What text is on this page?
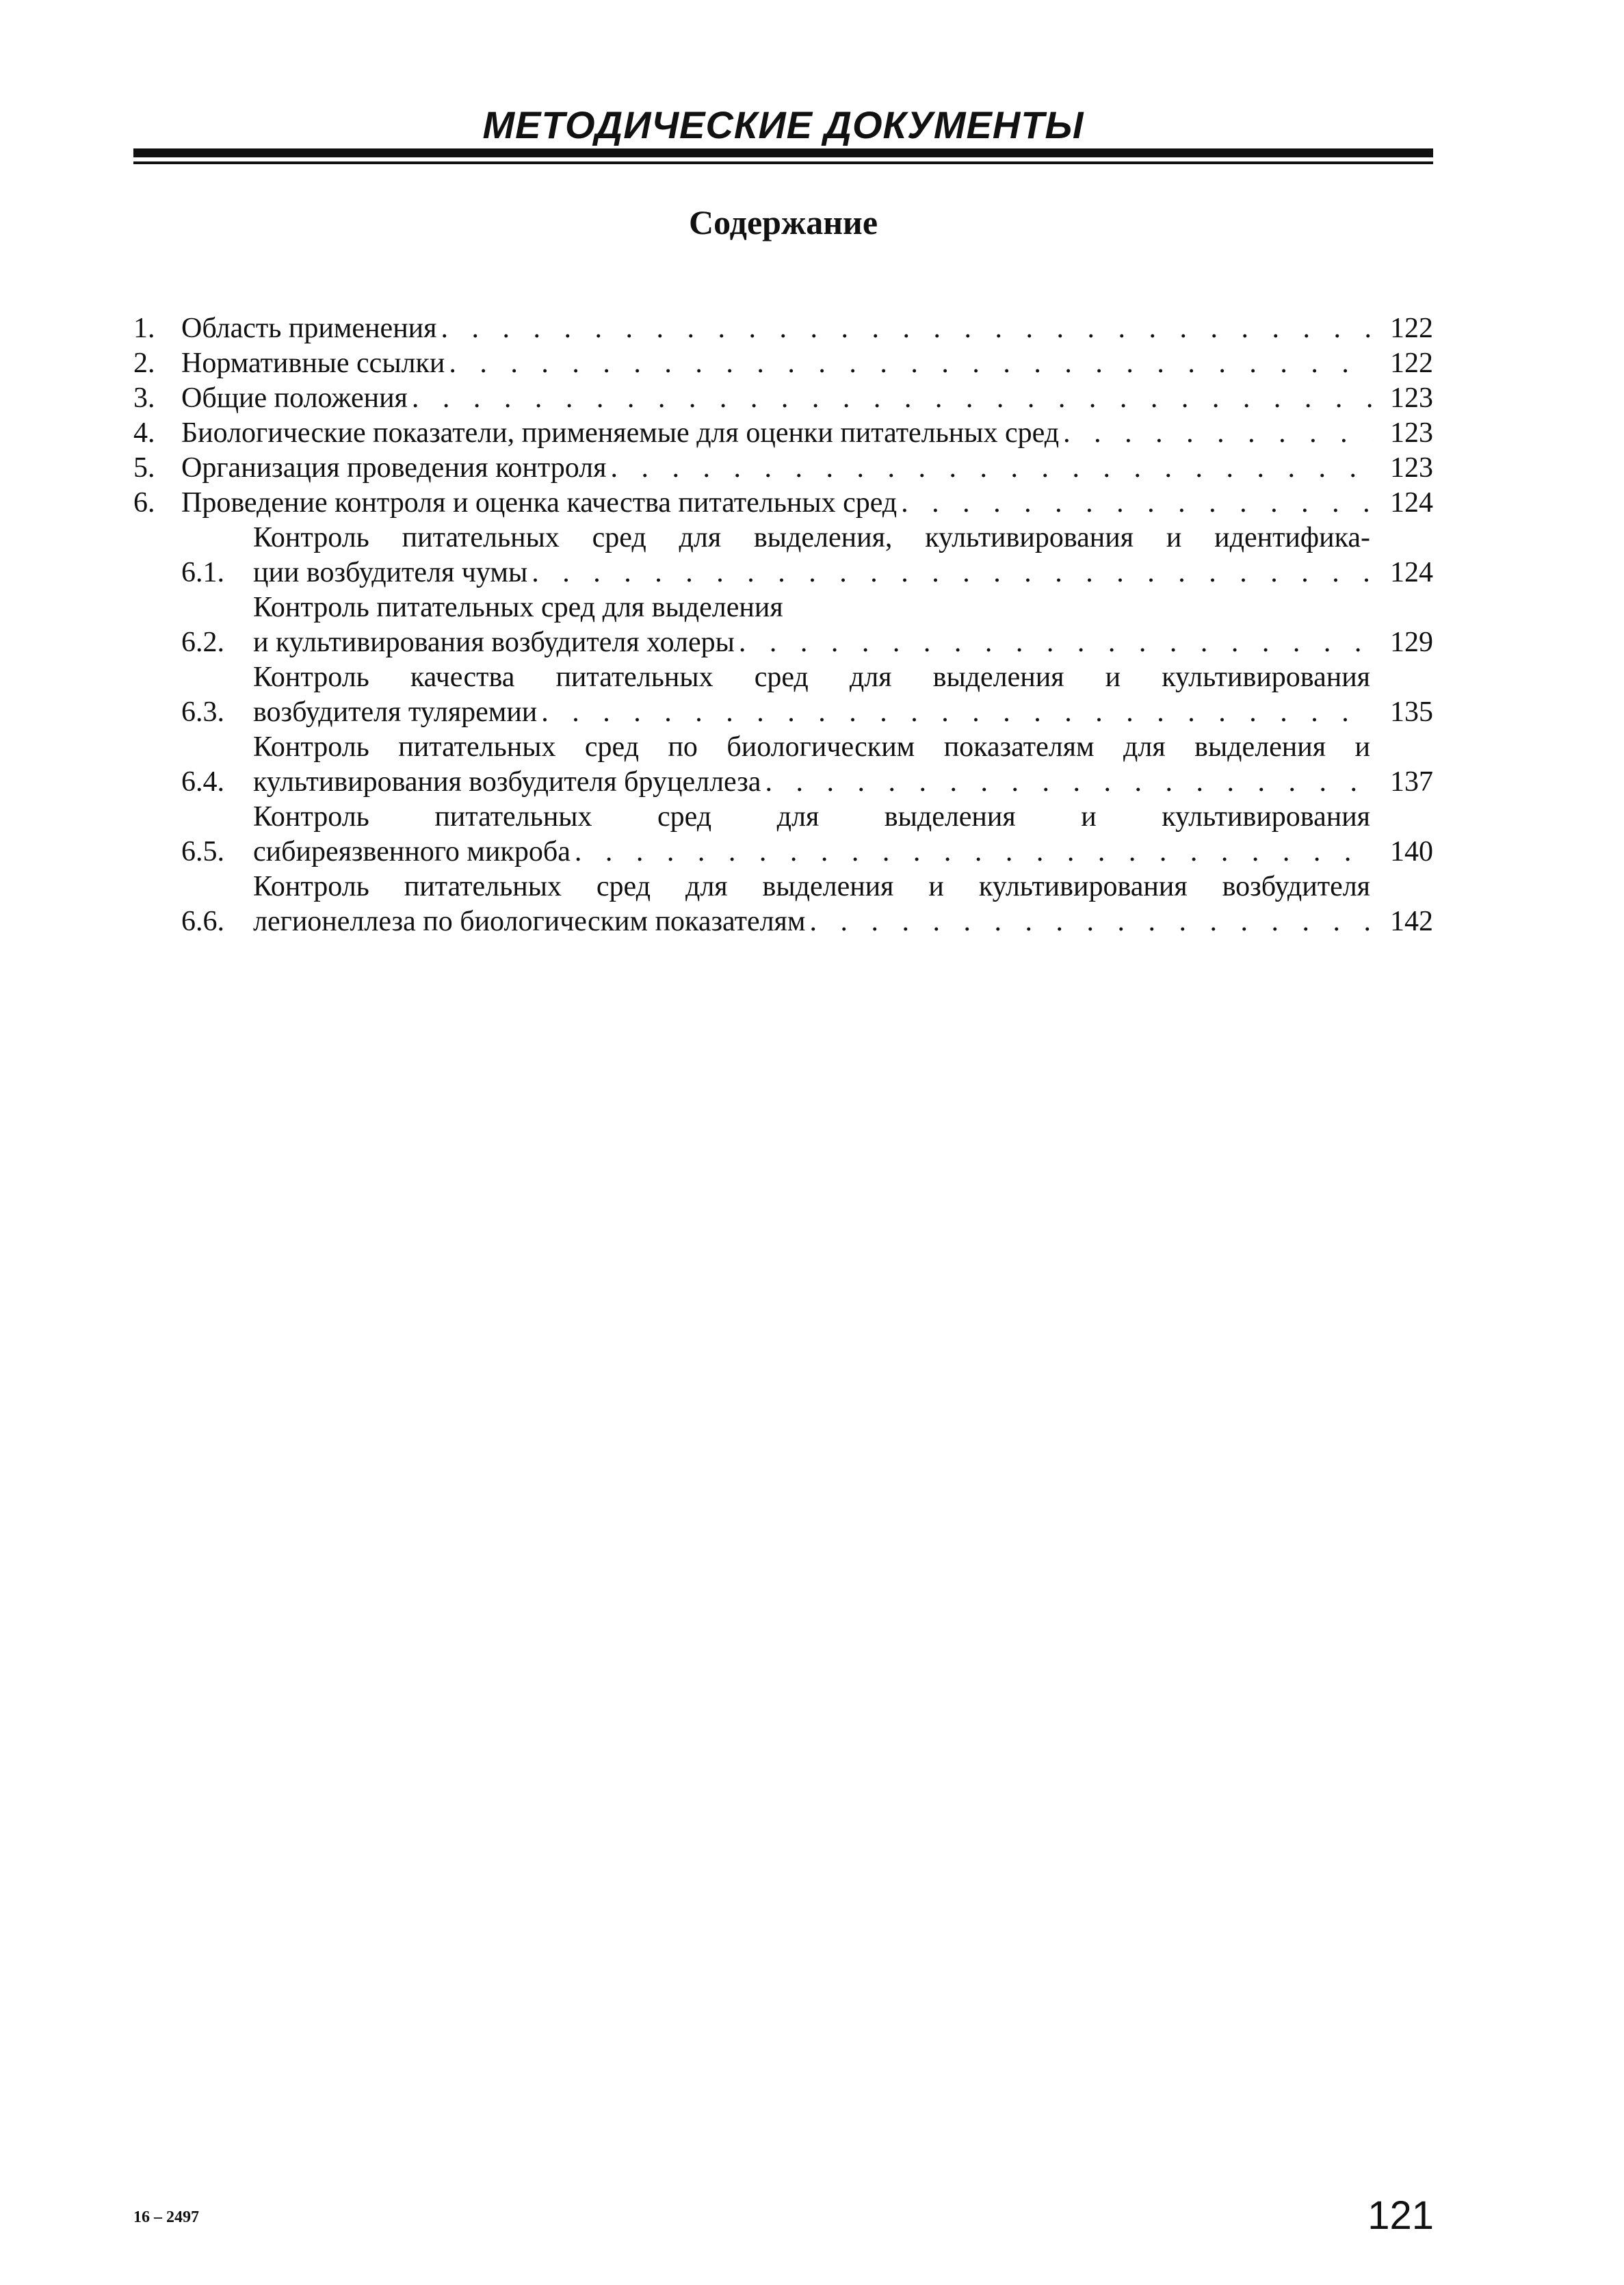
МЕТОДИЧЕСКИЕ ДОКУМЕНТЫ
Содержание
1. Область применения . . .	122
2. Нормативные ссылки . . .	122
3. Общие положения . . .	123
4. Биологические показатели, применяемые для оценки питательных сред . . .	123
5. Организация проведения контроля . . .	123
6. Проведение контроля и оценка качества питательных сред . . .	124
6.1.
Контроль питательных сред для выделения, культивирования и идентифика-
ции возбудителя чумы . . .	124
6.2.
Контроль питательных сред для выделения
и культивирования возбудителя холеры . . .	129
6.3.
Контроль качества питательных сред для выделения и культивирования
возбудителя туляремии . . .	135
6.4.
Контроль питательных сред по биологическим показателям для выделения и
культивирования возбудителя бруцеллеза . . .	137
6.5.
Контроль питательных сред для выделения и культивирования
сибиреязвенного микроба . . .	140
6.6.
Контроль питательных сред для выделения и культивирования возбудителя
легионеллеза по биологическим показателям . . .	142
16 – 2497	121
